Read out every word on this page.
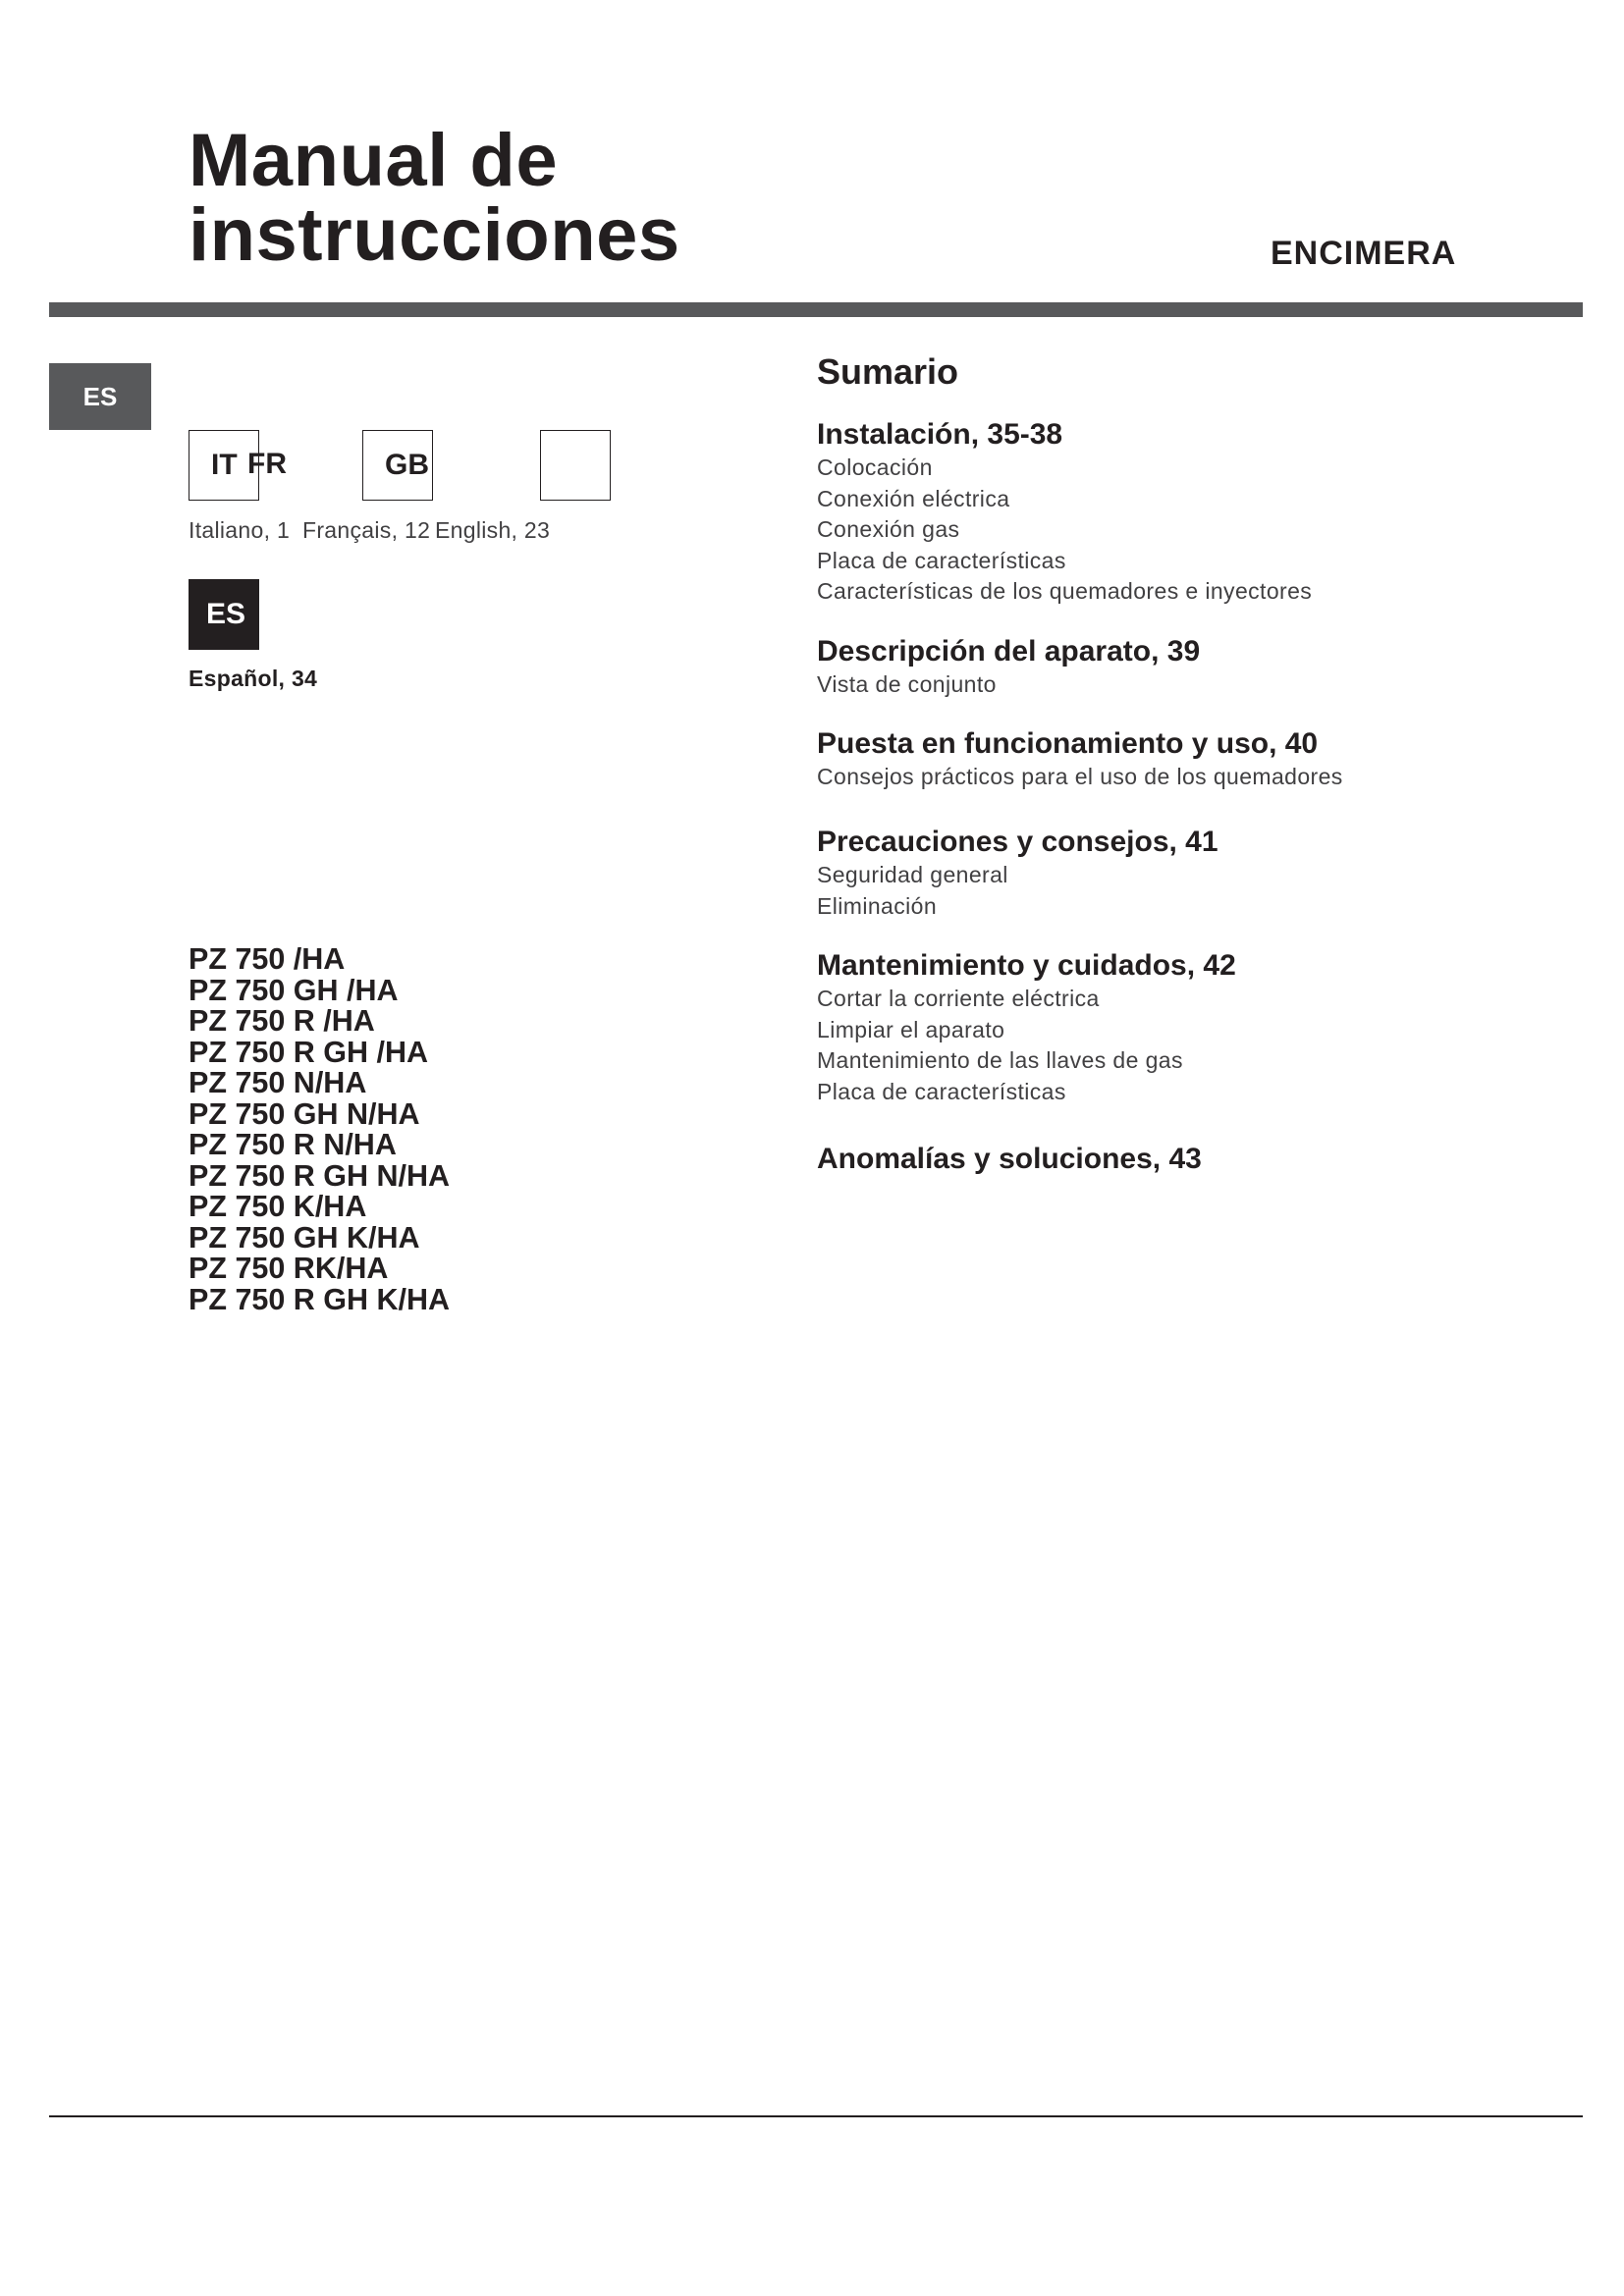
Manual de
instrucciones	ENCIMERA
ES
IT	GB
FR
Italiano, 1 Français, 12 English, 23
ES
Español, 34
PZ 750 /HA
PZ 750 GH /HA
PZ 750 R /HA
PZ 750 R GH /HA
PZ 750 N/HA
PZ 750 GH N/HA
PZ 750 R N/HA
PZ 750 R GH N/HA
PZ 750 K/HA
PZ 750 GH K/HA
PZ 750 RK/HA
PZ 750 R GH K/HA
Sumario
Instalación, 35-38
Colocación
Conexión eléctrica
Conexión gas
Placa de características
Características de los quemadores e inyectores
Descripción del aparato, 39
Vista de conjunto
Puesta en funcionamiento y uso, 40
Consejos prácticos para el uso de los quemadores
Precauciones y consejos, 41
Seguridad general
Eliminación
Mantenimiento y cuidados, 42
Cortar la corriente eléctrica
Limpiar el aparato
Mantenimiento de las llaves de gas
Placa de características
Anomalías y soluciones, 43
